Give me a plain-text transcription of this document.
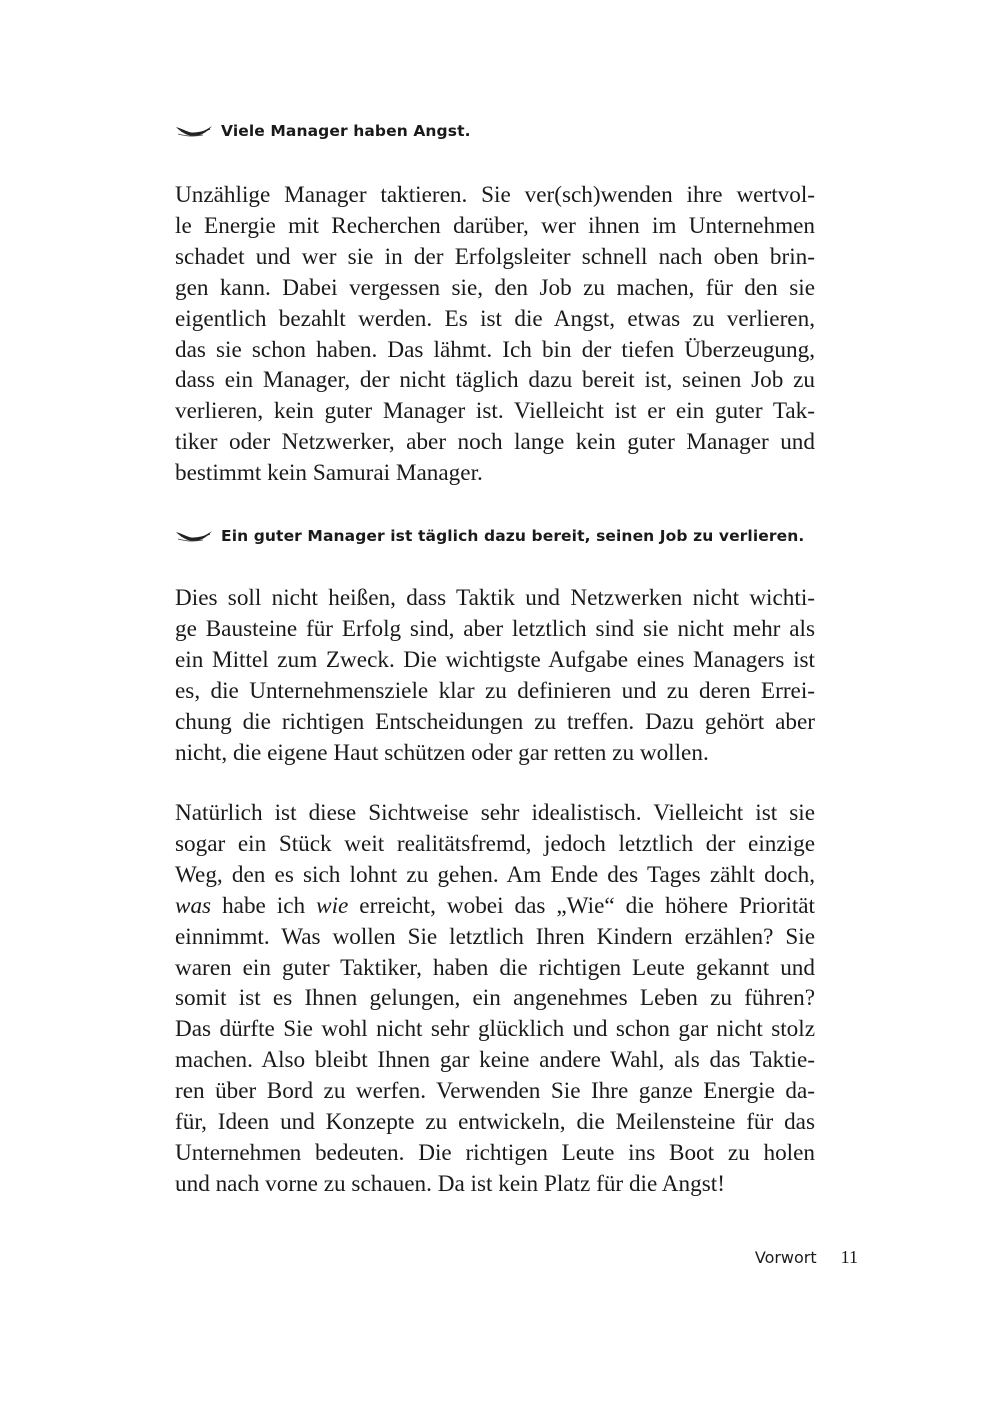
Viele Manager haben Angst.
Unzählige Manager taktieren. Sie ver(sch)wenden ihre wertvol-
le Energie mit Recherchen darüber, wer ihnen im Unternehmen
schadet und wer sie in der Erfolgsleiter schnell nach oben brin-
gen kann. Dabei vergessen sie, den Job zu machen, für den sie
eigentlich bezahlt werden. Es ist die Angst, etwas zu verlieren,
das sie schon haben. Das lähmt. Ich bin der tiefen Überzeugung,
dass ein Manager, der nicht täglich dazu bereit ist, seinen Job zu
verlieren, kein guter Manager ist. Vielleicht ist er ein guter Tak-
tiker oder Netzwerker, aber noch lange kein guter Manager und
bestimmt kein Samurai Manager.
Ein guter Manager ist täglich dazu bereit, seinen Job zu verlieren.
Dies soll nicht heißen, dass Taktik und Netzwerken nicht wichti-
ge Bausteine für Erfolg sind, aber letztlich sind sie nicht mehr als
ein Mittel zum Zweck. Die wichtigste Aufgabe eines Managers ist
es, die Unternehmensziele klar zu definieren und zu deren Errei-
chung die richtigen Entscheidungen zu treffen. Dazu gehört aber
nicht, die eigene Haut schützen oder gar retten zu wollen.
Natürlich ist diese Sichtweise sehr idealistisch. Vielleicht ist sie
sogar ein Stück weit realitätsfremd, jedoch letztlich der einzige
Weg, den es sich lohnt zu gehen. Am Ende des Tages zählt doch,
was habe ich wie erreicht, wobei das „Wie“ die höhere Priorität
einnimmt. Was wollen Sie letztlich Ihren Kindern erzählen? Sie
waren ein guter Taktiker, haben die richtigen Leute gekannt und
somit ist es Ihnen gelungen, ein angenehmes Leben zu führen?
Das dürfte Sie wohl nicht sehr glücklich und schon gar nicht stolz
machen. Also bleibt Ihnen gar keine andere Wahl, als das Taktie-
ren über Bord zu werfen. Verwenden Sie Ihre ganze Energie da-
für, Ideen und Konzepte zu entwickeln, die Meilensteine für das
Unternehmen bedeuten. Die richtigen Leute ins Boot zu holen
und nach vorne zu schauen. Da ist kein Platz für die Angst!
Vorwort 11
